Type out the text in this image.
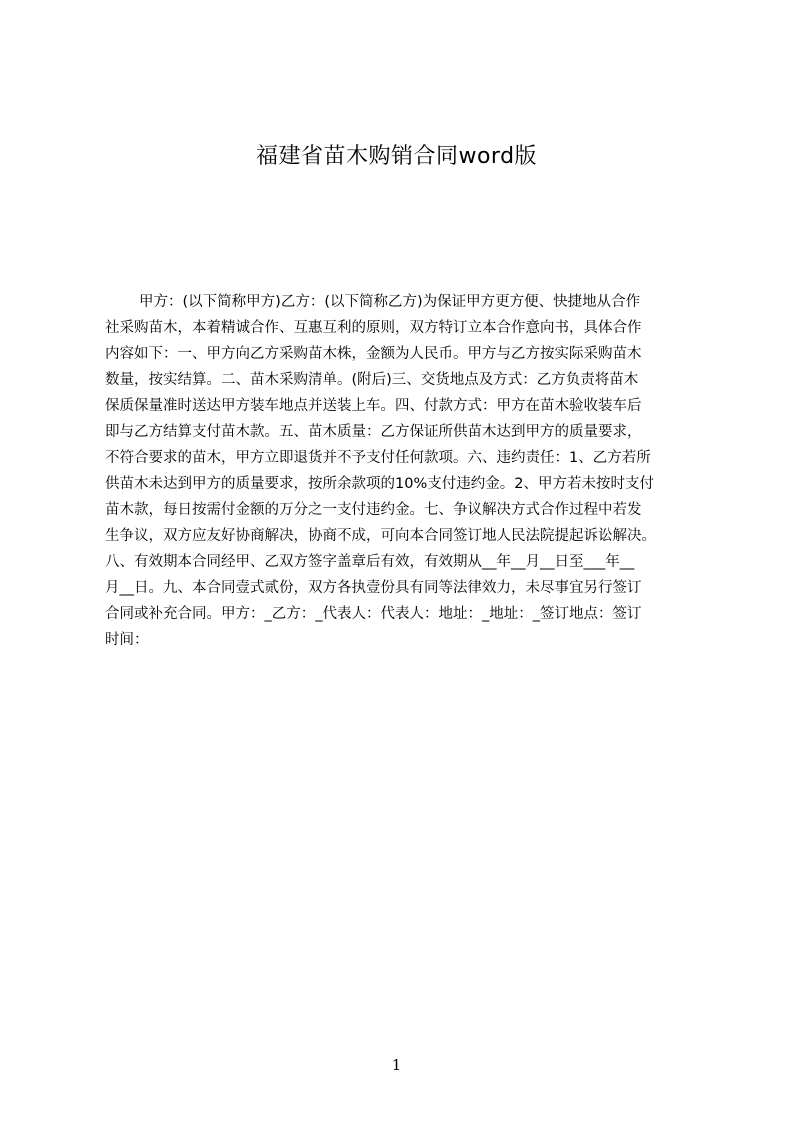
福建省苗木购销合同word版
甲方：(以下简称甲方)乙方：(以下简称乙方)为保证甲方更方便、快捷地从合作
社采购苗木，本着精诚合作、互惠互利的原则，双方特订立本合作意向书，具体合作
内容如下：一、甲方向乙方采购苗木株，金额为人民币。甲方与乙方按实际采购苗木
数量，按实结算。二、苗木采购清单。(附后)三、交货地点及方式：乙方负责将苗木
保质保量准时送达甲方装车地点并送装上车。四、付款方式：甲方在苗木验收装车后
即与乙方结算支付苗木款。五、苗木质量：乙方保证所供苗木达到甲方的质量要求，
不符合要求的苗木，甲方立即退货并不予支付任何款项。六、违约责任：1、乙方若所
供苗木未达到甲方的质量要求，按所余款项的10%支付违约金。2、甲方若未按时支付
苗木款，每日按需付金额的万分之一支付违约金。七、争议解决方式合作过程中若发
生争议，双方应友好协商解决，协商不成，可向本合同签订地人民法院提起诉讼解决。
八、有效期本合同经甲、乙双方签字盖章后有效，有效期从__年__月__日至___年__
月__日。九、本合同壹式贰份，双方各执壹份具有同等法律效力，未尽事宜另行签订
合同或补充合同。甲方：_乙方：_代表人：代表人：地址：_地址：_签订地点：签订
时间：
1
